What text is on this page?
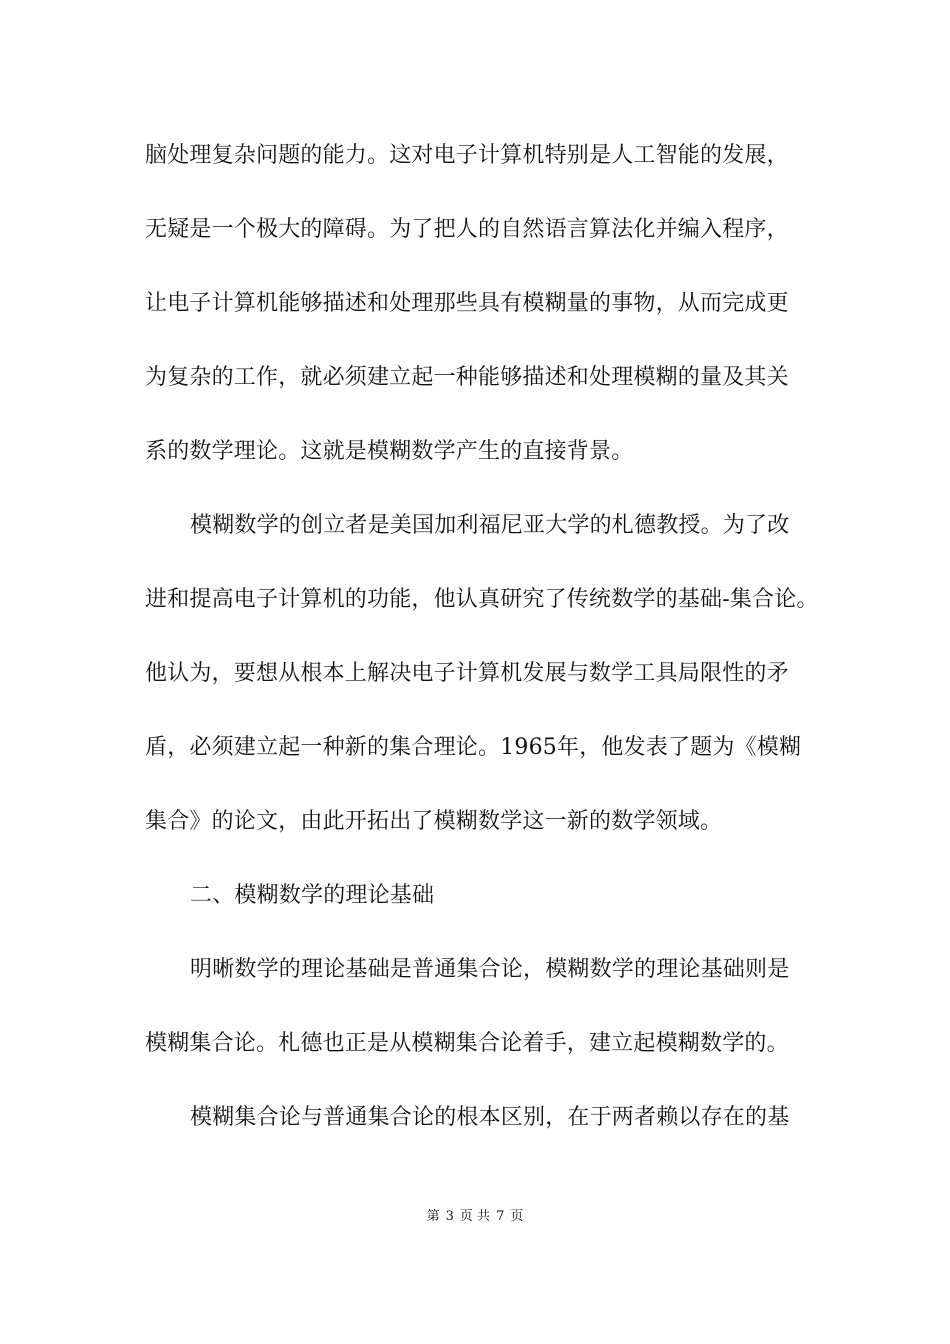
脑处理复杂问题的能力。这对电子计算机特别是人工智能的发展，
无疑是一个极大的障碍。为了把人的自然语言算法化并编入程序，
让电子计算机能够描述和处理那些具有模糊量的事物，从而完成更
为复杂的工作，就必须建立起一种能够描述和处理模糊的量及其关
系的数学理论。这就是模糊数学产生的直接背景。
模糊数学的创立者是美国加利福尼亚大学的札德教授。为了改
进和提高电子计算机的功能，他认真研究了传统数学的基础-集合论。
他认为，要想从根本上解决电子计算机发展与数学工具局限性的矛
盾，必须建立起一种新的集合理论。1965年，他发表了题为《模糊
集合》的论文，由此开拓出了模糊数学这一新的数学领域。
二、模糊数学的理论基础
明晰数学的理论基础是普通集合论，模糊数学的理论基础则是
模糊集合论。札德也正是从模糊集合论着手，建立起模糊数学的。
模糊集合论与普通集合论的根本区别，在于两者赖以存在的基
第 3 页 共 7 页
